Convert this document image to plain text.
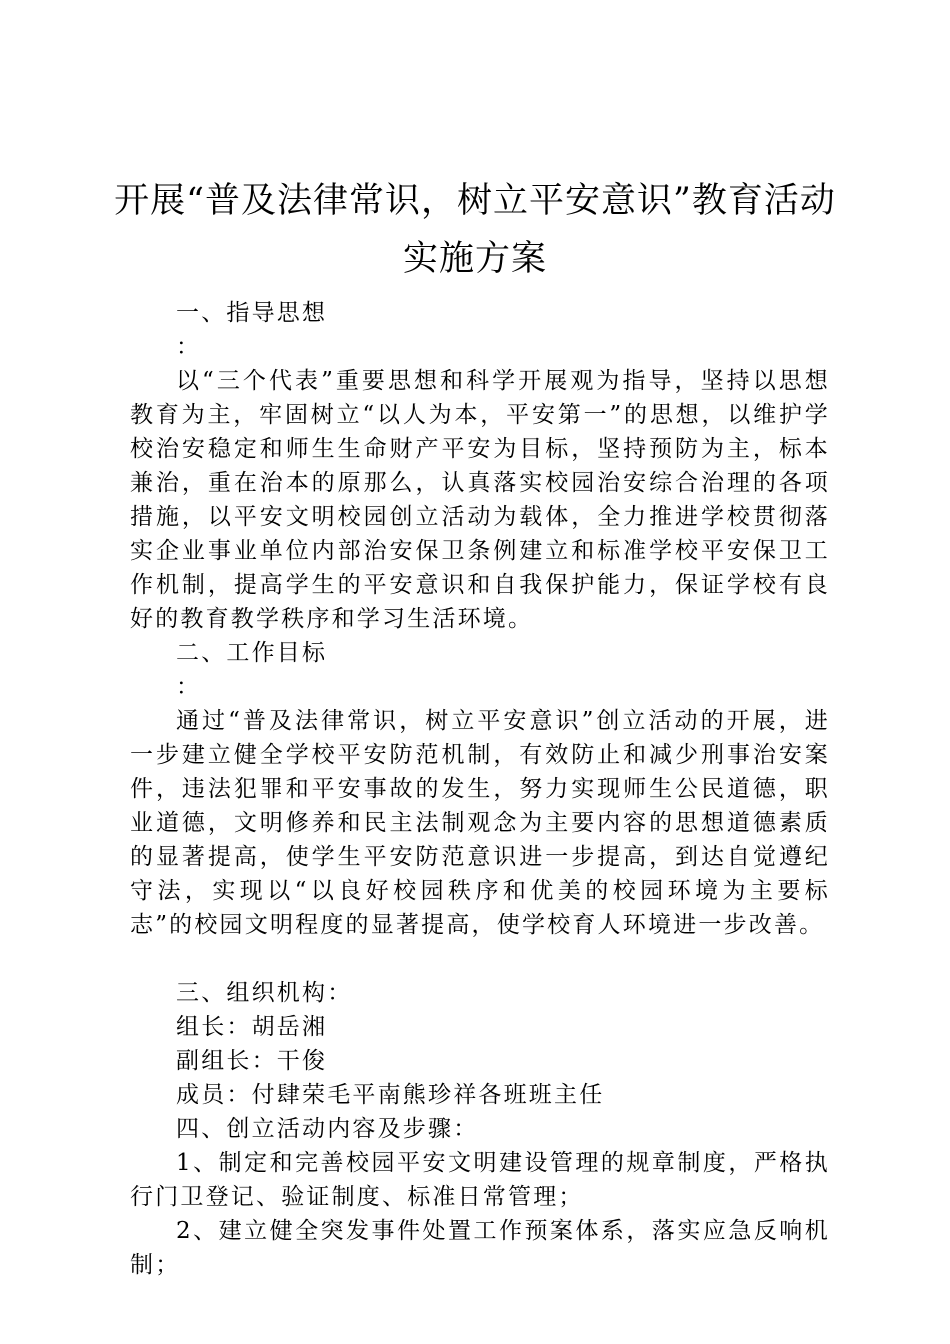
开展“普及法律常识，树立平安意识”教育活动实施方案

一、指导思想

：

以“三个代表”重要思想和科学开展观为指导，坚持以思想教育为主，牢固树立“以人为本，平安第一”的思想，以维护学校治安稳定和师生生命财产平安为目标，坚持预防为主，标本兼治，重在治本的原那么，认真落实校园治安综合治理的各项措施，以平安文明校园创立活动为载体，全力推进学校贯彻落实企业事业单位内部治安保卫条例建立和标准学校平安保卫工作机制，提高学生的平安意识和自我保护能力，保证学校有良好的教育教学秩序和学习生活环境。

二、工作目标

：

通过“普及法律常识，树立平安意识”创立活动的开展，进一步建立健全学校平安防范机制，有效防止和减少刑事治安案件，违法犯罪和平安事故的发生，努力实现师生公民道德，职业道德，文明修养和民主法制观念为主要内容的思想道德素质的显著提高，使学生平安防范意识进一步提高，到达自觉遵纪守法，实现以“以良好校园秩序和优美的校园环境为主要标志”的校园文明程度的显著提高，使学校育人环境进一步改善。

三、组织机构：

组长：胡岳湘

副组长：干俊

成员：付肆荣毛平南熊珍祥各班班主任

四、创立活动内容及步骤：

1、制定和完善校园平安文明建设管理的规章制度，严格执行门卫登记、验证制度、标准日常管理；

2、建立健全突发事件处置工作预案体系，落实应急反响机制；
